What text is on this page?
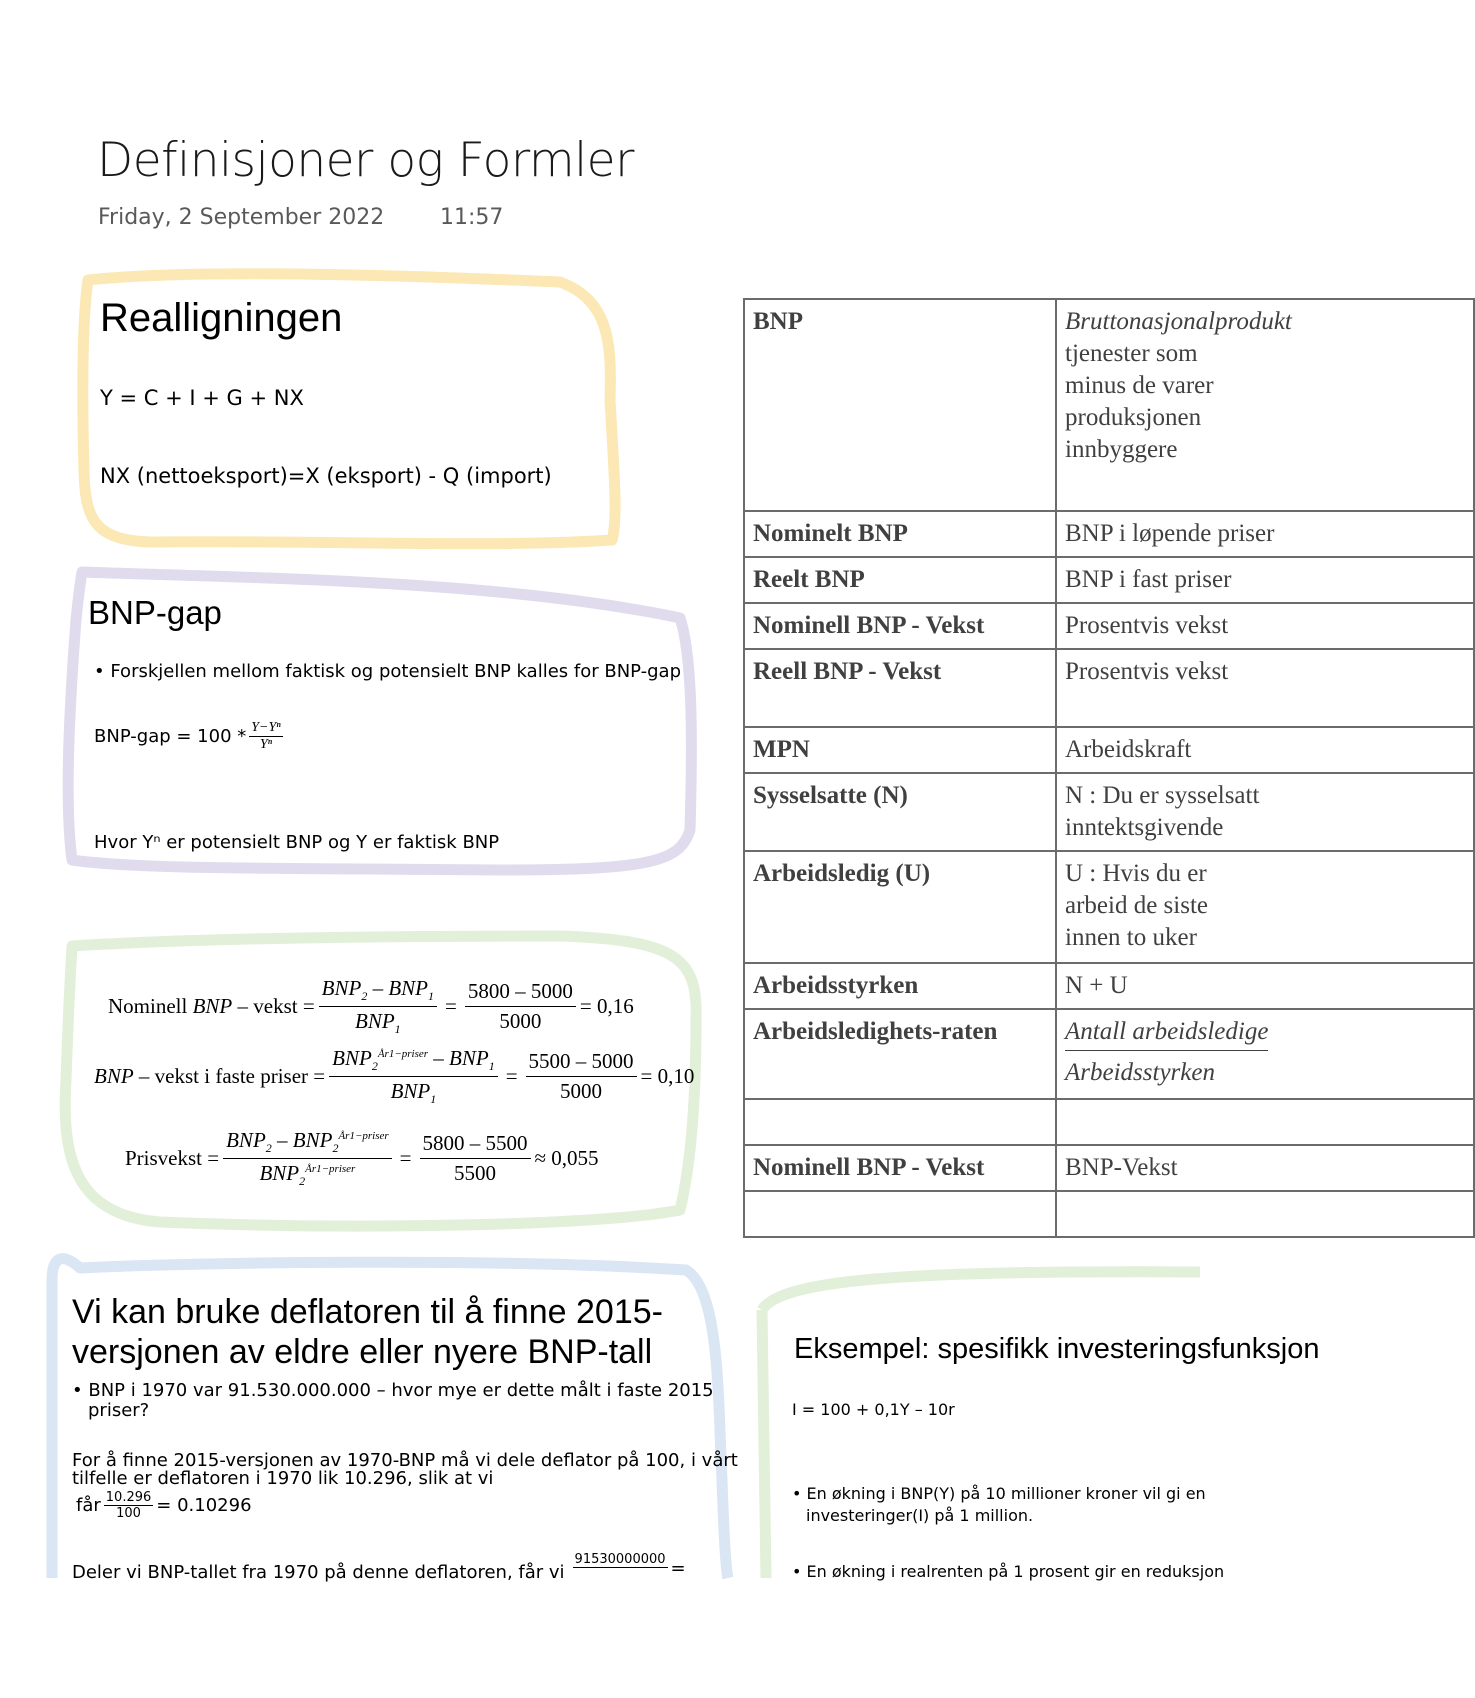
Definisjoner og Formler
Friday, 2 September 2022	11:57
Realligningen
Y = C + I + G + NX
NX (nettoeksport)=X (eksport) - Q (import)
BNP-gap
• Forskjellen mellom faktisk og potensielt BNP kalles for BNP-gap
$BNP-gap = 100 * \frac{\text{Y−Yⁿ}}{\text{Yⁿ}}$
Hvor Yⁿ er potensielt BNP og Y er faktisk BNP
Nominell
BNP
– vekst = $\frac{BNP_2 - BNP_1}{BNP_1} = \frac{5800 - 5000}{5000} = 0,16$
BNP
– vekst i faste priser = $\frac{BNP_2^{År1-priser} - BNP_1}{BNP_1} = \frac{5500 - 5000}{5000} = 0,10$
Prisvekst = $\frac{BNP_2 - BNP_2^{År1-priser}}{BNP_2^{År1-priser}} = \frac{5800 - 5500}{5500} \approx 0,055$
BNP	Bruttonasjonalprodukt
tjenester som
minus de varer
produksjonen
innbyggere

Nominelt BNP	BNP i løpende priser

Reelt BNP	BNP i fast priser

Nominell BNP - Vekst	Prosentvis vekst

Reell BNP - Vekst	Prosentvis vekst

MPN	Arbeidskraft

Sysselsatte (N)	N : Du er sysselsatt
inntektsgivende

Arbeidsledig (U)	U : Hvis du er
arbeid de siste
innen to uker

Arbeidsstyrken	N + U

Arbeidsledighets-raten	Antall arbeidsledige
Arbeidsstyrken

Nominell BNP - Vekst	BNP-Vekst

Vi kan bruke deflatoren til å finne 2015-versjonen av eldre eller nyere BNP-tall
• BNP i 1970 var 91.530.000.000 – hvor mye er dette målt i faste 2015
priser?
For å finne 2015-versjonen av 1970-BNP må vi dele deflator på 100, i vårt
tilfelle er deflatoren i 1970 lik 10.296, slik at vi
får $\frac{10.296}{100} = 0.10296$
Deler vi BNP-tallet fra 1970 på denne deflatoren, får vi
91530000000
=
Eksempel: spesifikk investeringsfunksjon
I = 100 + 0,1Y – 10r
• En økning i BNP(Y) på 10 millioner kroner vil gi en
investeringer(I) på 1 million.
• En økning i realrenten på 1 prosent gir en reduksjon
